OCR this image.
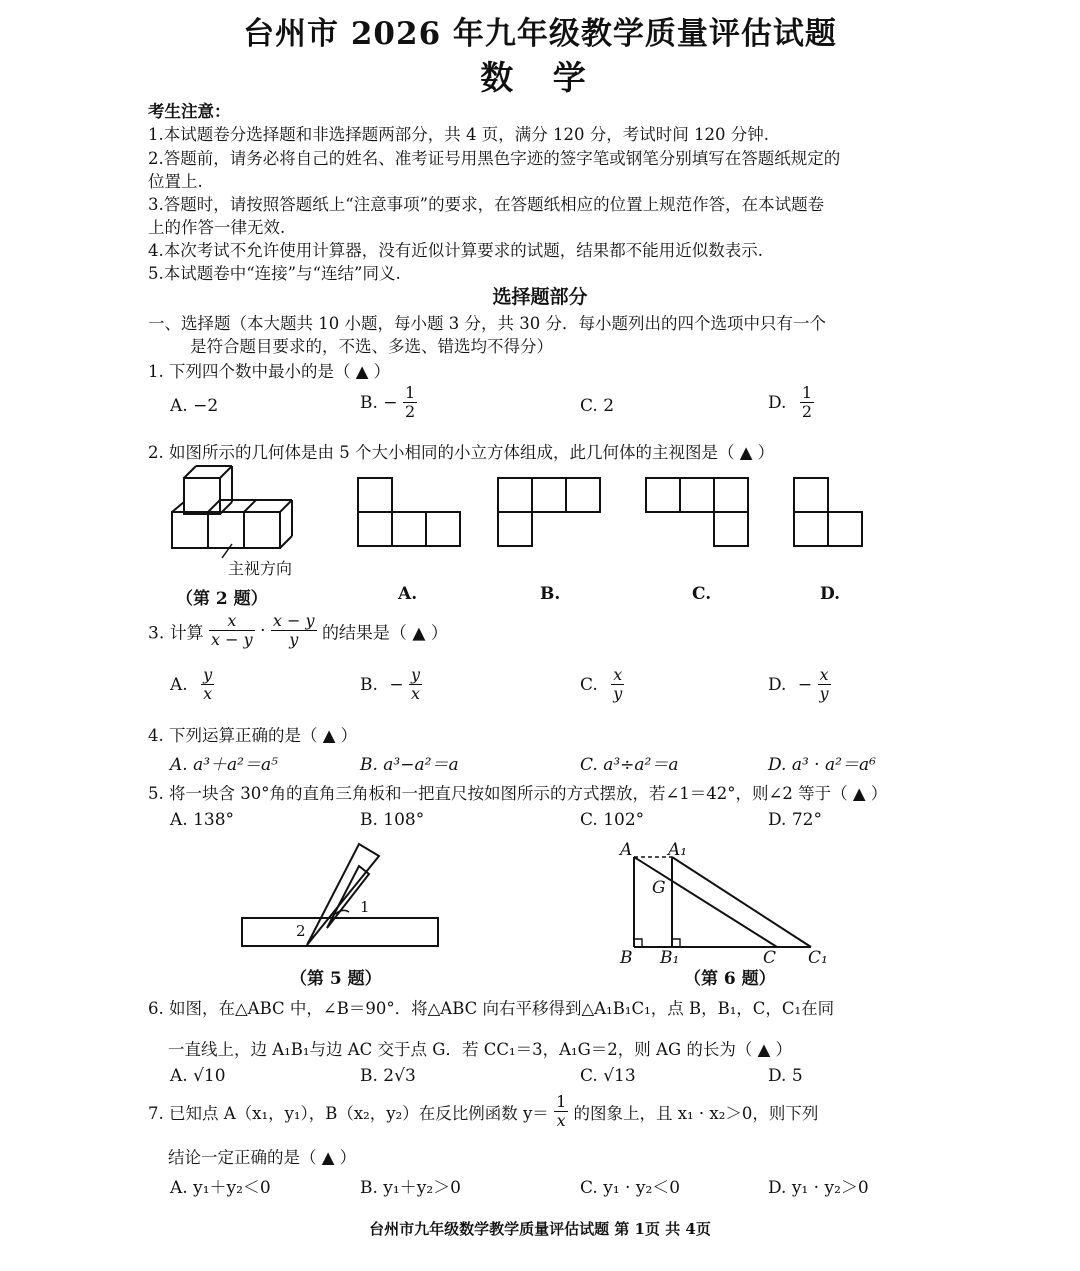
台州市 2026 年九年级教学质量评估试题
数 学
考生注意：
1.本试题卷分选择题和非选择题两部分，共 4 页，满分 120 分，考试时间 120 分钟.
2.答题前，请务必将自己的姓名、准考证号用黑色字迹的签字笔或钢笔分别填写在答题纸规定的
位置上.
3.答题时，请按照答题纸上“注意事项”的要求，在答题纸相应的位置上规范作答，在本试题卷
上的作答一律无效.
4.本次考试不允许使用计算器，没有近似计算要求的试题，结果都不能用近似数表示.
5.本试题卷中“连接”与“连结”同义.
选择题部分
一、选择题（本大题共 10 小题，每小题 3 分，共 30 分．每小题列出的四个选项中只有一个
是符合题目要求的，不选、多选、错选均不得分）
1. 下列四个数中最小的是（ ▲ ）
A. −2	B. − $\frac{1}{2}$	C. 2	D. $\frac{1}{2}$
2. 如图所示的几何体是由 5 个大小相同的小立方体组成，此几何体的主视图是（ ▲ ）
主视方向
（第 2 题）	A.	B.	C.	D.
3. 计算 $\frac{x}{x - y} \cdot \frac{x - y}{y}$ 的结果是（ ▲ ）
A. $\frac{y}{x}$	B. − $\frac{y}{x}$	C. $\frac{x}{y}$	D. − $\frac{x}{y}$
4. 下列运算正确的是（ ▲ ）
A. a³＋a²＝a⁵	B. a³−a²＝a	C. a³÷a²＝a	D. a³ · a²＝a⁶
5. 将一块含 30°角的直角三角板和一把直尺按如图所示的方式摆放，若∠1＝42°，则∠2 等于（ ▲ ）
A. 138°	B. 108°	C. 102°	D. 72°
1
2
（第 5 题）
A A₁
G
B B₁	C C₁
（第 6 题）
6. 如图，在△ABC 中，∠B＝90°．将△ABC 向右平移得到△A₁B₁C₁，点 B，B₁，C，C₁在同
一直线上，边 A₁B₁与边 AC 交于点 G．若 CC₁＝3，A₁G＝2，则 AG 的长为（ ▲ ）
A. √10	B. 2√3	C. √13	D. 5
7. 已知点 A（x₁，y₁），B（x₂，y₂）在反比例函数 $y= \frac{1}{x}$ 的图象上，且 x₁ · x₂＞0，则下列
结论一定正确的是（ ▲ ）
A. y₁＋y₂＜0	B. y₁＋y₂＞0	C. y₁ · y₂＜0	D. y₁ · y₂＞0
台州市九年级数学教学质量评估试题 第 1页 共 4页
